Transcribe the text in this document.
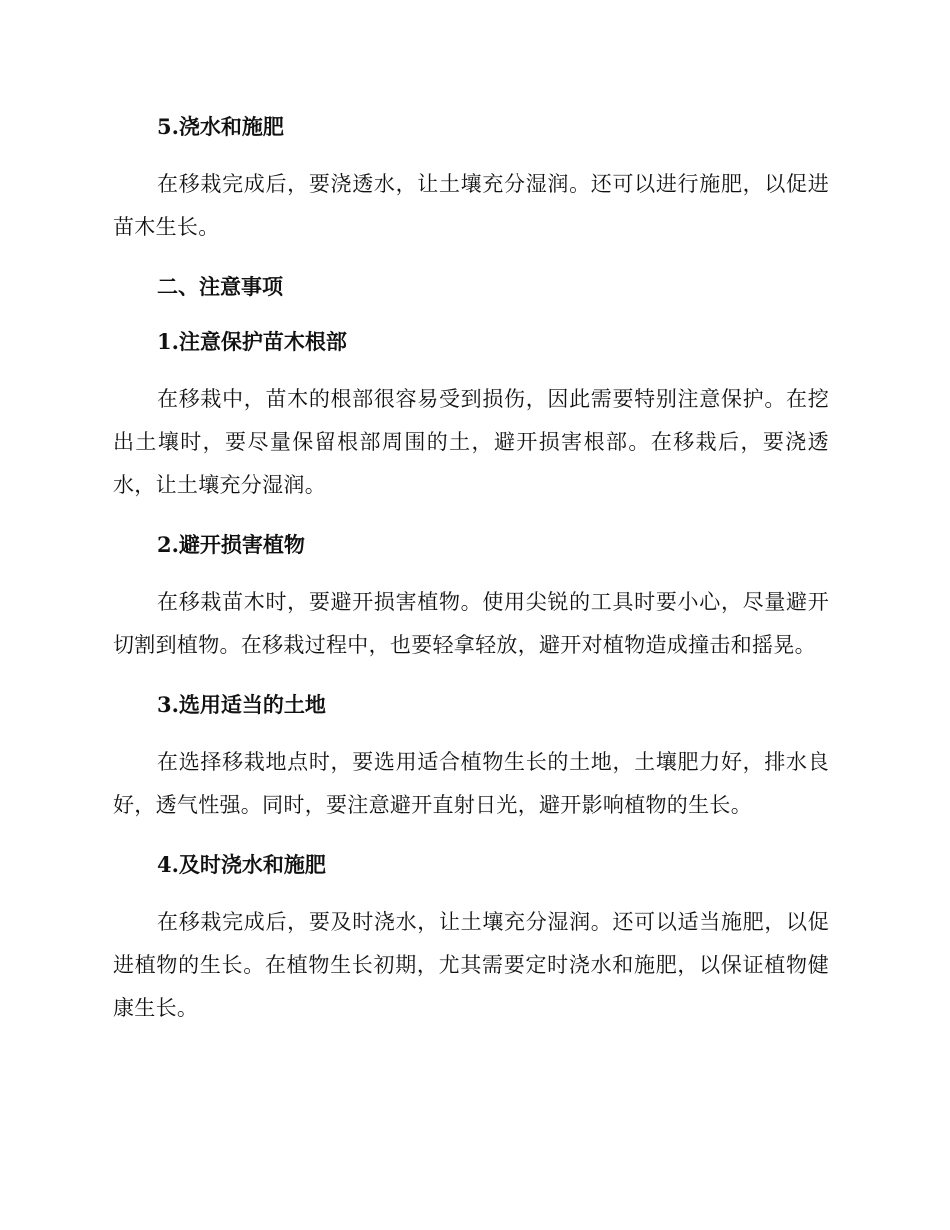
5.浇水和施肥

在移栽完成后，要浇透水，让土壤充分湿润。还可以进行施肥，以促进苗木生长。

二、注意事项
1.注意保护苗木根部

在移栽中，苗木的根部很容易受到损伤，因此需要特别注意保护。在挖出土壤时，要尽量保留根部周围的土，避开损害根部。在移栽后，要浇透水，让土壤充分湿润。

2.避开损害植物

在移栽苗木时，要避开损害植物。使用尖锐的工具时要小心，尽量避开切割到植物。在移栽过程中，也要轻拿轻放，避开对植物造成撞击和摇晃。

3.选用适当的土地

在选择移栽地点时，要选用适合植物生长的土地，土壤肥力好，排水良好，透气性强。同时，要注意避开直射日光，避开影响植物的生长。

4.及时浇水和施肥

在移栽完成后，要及时浇水，让土壤充分湿润。还可以适当施肥，以促进植物的生长。在植物生长初期，尤其需要定时浇水和施肥，以保证植物健康生长。
